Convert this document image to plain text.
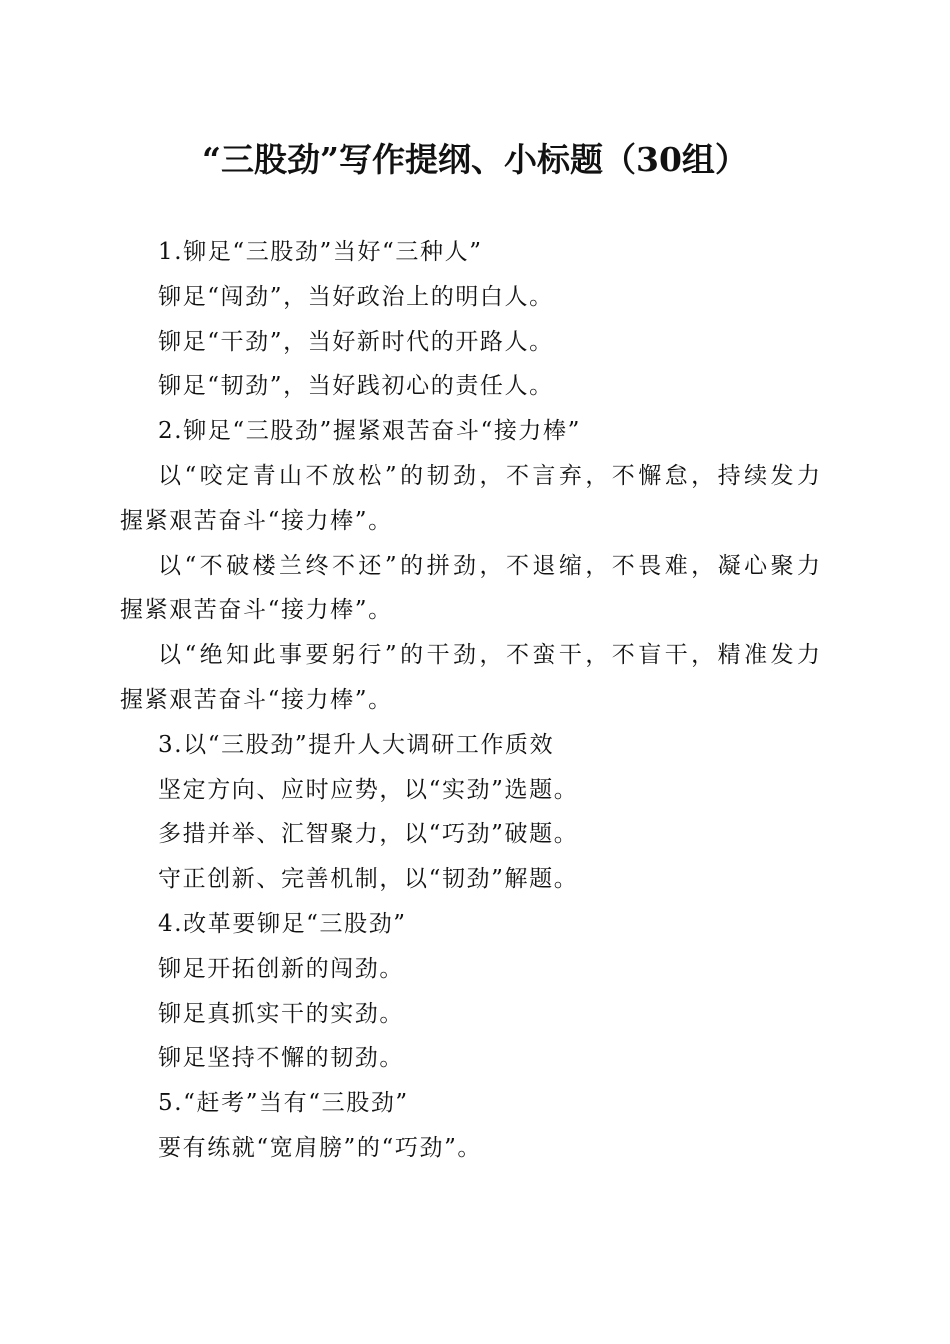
“三股劲”写作提纲、小标题（30组）
1.铆足“三股劲”当好“三种人”
铆足“闯劲”，当好政治上的明白人。
铆足“干劲”，当好新时代的开路人。
铆足“韧劲”，当好践初心的责任人。
2.铆足“三股劲”握紧艰苦奋斗“接力棒”
以“咬定青山不放松”的韧劲，不言弃，不懈怠，持续发力
握紧艰苦奋斗“接力棒”。
以“不破楼兰终不还”的拼劲，不退缩，不畏难，凝心聚力
握紧艰苦奋斗“接力棒”。
以“绝知此事要躬行”的干劲，不蛮干，不盲干，精准发力
握紧艰苦奋斗“接力棒”。
3.以“三股劲”提升人大调研工作质效
坚定方向、应时应势，以“实劲”选题。
多措并举、汇智聚力，以“巧劲”破题。
守正创新、完善机制，以“韧劲”解题。
4.改革要铆足“三股劲”
铆足开拓创新的闯劲。
铆足真抓实干的实劲。
铆足坚持不懈的韧劲。
5.“赶考”当有“三股劲”
要有练就“宽肩膀”的“巧劲”。
